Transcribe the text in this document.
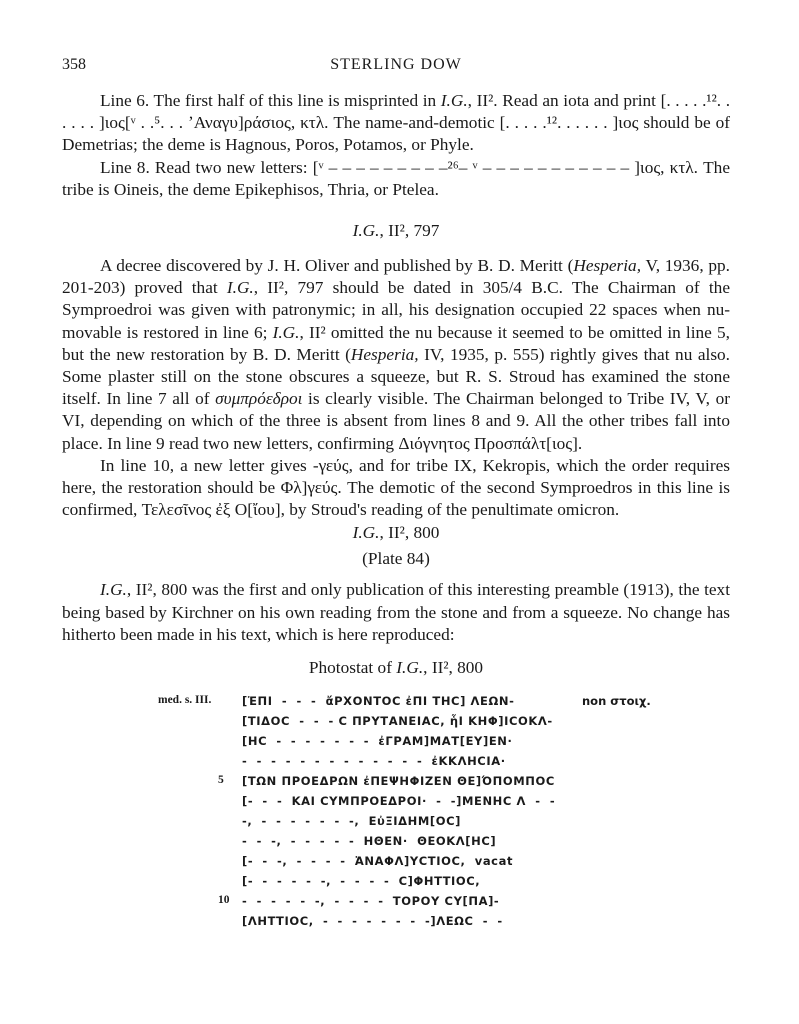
358	STERLING DOW

Line 6. The first half of this line is misprinted in I.G., II². Read an iota and print [. . . . .¹². . . . . . ]ιος[ᵛ . .⁵. . . ʼΑναγυ]ράσιος, κτλ. The name-and-demotic [. . . . .¹². . . . . . ]ιος should be of Demetrias; the deme is Hagnous, Poros, Potamos, or Phyle.

Line 8. Read two new letters: [ᵛ – – – – – – – – –²⁶– ᵛ – – – – – – – – – – – ]ιος, κτλ. The tribe is Oineis, the deme Epikephisos, Thria, or Ptelea.

I.G., II², 797

A decree discovered by J. H. Oliver and published by B. D. Meritt (Hesperia, V, 1936, pp. 201-203) proved that I.G., II², 797 should be dated in 305/4 B.C. The Chairman of the Symproedroi was given with patronymic; in all, his designation occupied 22 spaces when nu-movable is restored in line 6; I.G., II² omitted the nu because it seemed to be omitted in line 5, but the new restoration by B. D. Meritt (Hesperia, IV, 1935, p. 555) rightly gives that nu also. Some plaster still on the stone obscures a squeeze, but R. S. Stroud has examined the stone itself. In line 7 all of συμπρόεδροι is clearly visible. The Chairman belonged to Tribe IV, V, or VI, depending on which of the three is absent from lines 8 and 9. All the other tribes fall into place. In line 9 read two new letters, confirming Διόγνητος Προσπάλτ[ιος].

In line 10, a new letter gives -γεύς, and for tribe IX, Kekropis, which the order requires here, the restoration should be Φλ]γεύς. The demotic of the second Symproedros in this line is confirmed, Τελεσῖνος ἐξ Ο[ἴου], by Stroud's reading of the penultimate omicron.

I.G., II², 800

(Plate 84)

I.G., II², 800 was the first and only publication of this interesting preamble (1913), the text being based by Kirchner on his own reading from the stone and from a squeeze. No change has hitherto been made in his text, which is here reproduced:

Photostat of I.G., II², 800

med. s. III.	non στοιχ.
5
10
[ἘΠΙ  -  -  -  ἄΡΧΟΝΤΟϹ ἐΠΙ ΤΗϹ] ΛΕΩΝ-
[ΤΙΔΟϹ  -  -  - Ϲ ΠΡΥΤΑΝΕΙΑϹ, ἧΙ ΚΗΦ]ΙϹΟΚΛ-
[ΗϹ  -  -  -  -  -  -  -  ἐΓΡΑΜ]ΜΑΤ[ΕΥ]ΕΝ·
-  -  -  -  -  -  -  -  -  -  -  -  -  ἐΚΚΛΗϹΙΑ·
[ΤΩΝ ΠΡΟΕΔΡΩΝ ἐΠΕΨΗΦΙΖΕΝ ΘΕ]ΌΠΟΜΠΟϹ
[-  -  -  ΚΑΙ ϹΥΜΠΡΟΕΔΡΟΙ·  -  -]ΜΕΝΗϹ Λ  -  -
-,  -  -  -  -  -  -  -,  ΕὐΞΙΔΗΜ[ΟϹ]
-  -  -,  -  -  -  -  -  ΗΘΕΝ·  ΘΕΟΚΛ[ΗϹ]
[-  -  -,  -  -  -  -  ἈΝΑΦΛ]ΥϹΤΙΟϹ,  vacat
[-  -  -  -  -  -,  -  -  -  -  Ϲ]ΦΗΤΤΙΟϹ,
-  -  -  -  -  -,  -  -  -  -  ΤΟΡΟΥ ϹΥ[ΠΑ]-
[ΛΗΤΤΙΟϹ,  -  -  -  -  -  -  -  -]ΛΕΩϹ  -  -
